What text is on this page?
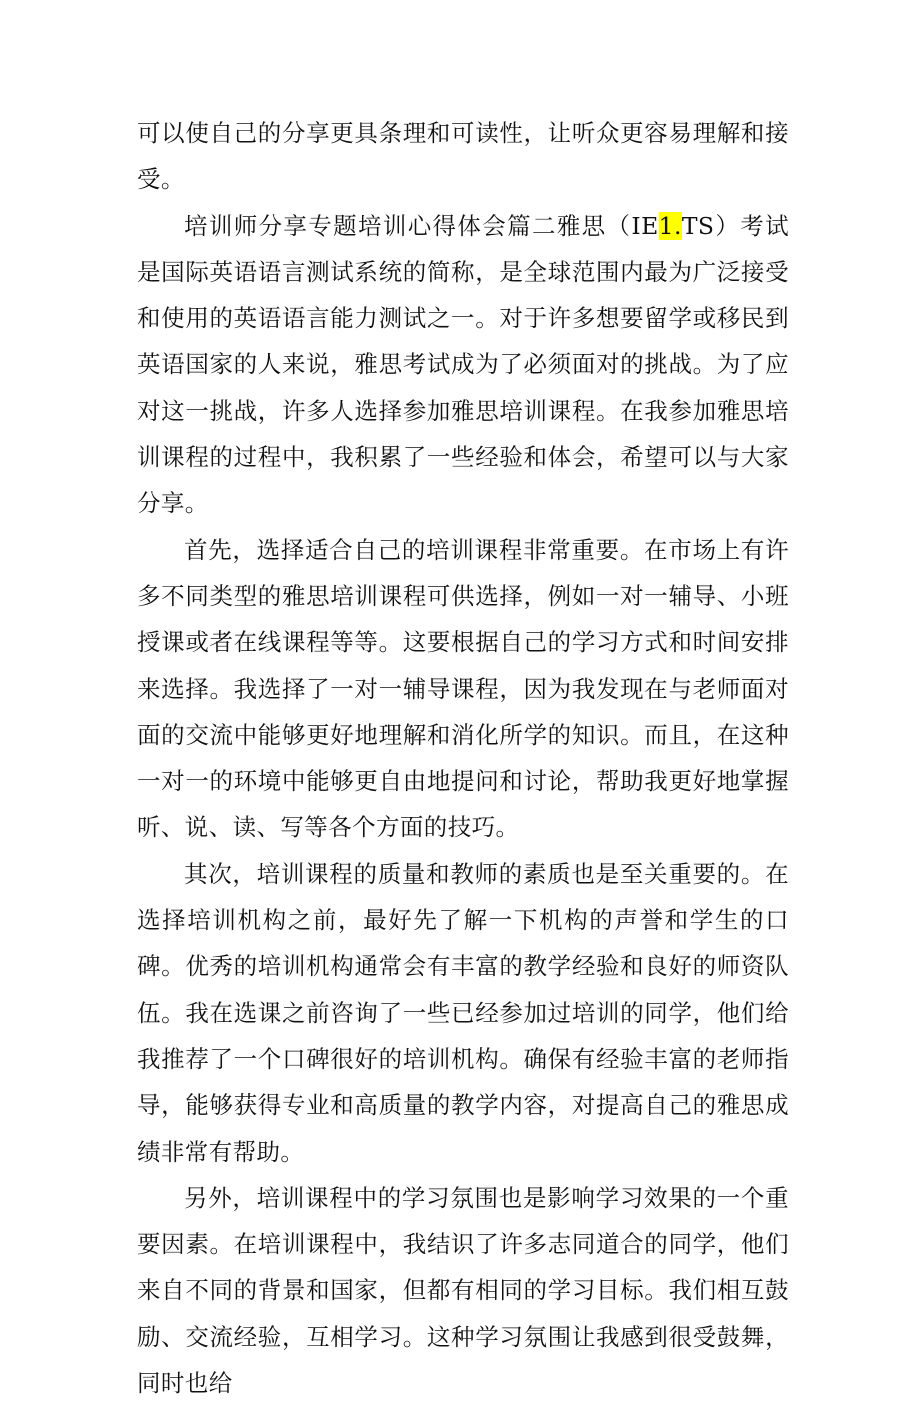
可以使自己的分享更具条理和可读性，让听众更容易理解和接受。

培训师分享专题培训心得体会篇二雅思（IE1.TS）考试是国际英语语言测试系统的简称，是全球范围内最为广泛接受和使用的英语语言能力测试之一。对于许多想要留学或移民到英语国家的人来说，雅思考试成为了必须面对的挑战。为了应对这一挑战，许多人选择参加雅思培训课程。在我参加雅思培训课程的过程中，我积累了一些经验和体会，希望可以与大家分享。

首先，选择适合自己的培训课程非常重要。在市场上有许多不同类型的雅思培训课程可供选择，例如一对一辅导、小班授课或者在线课程等等。这要根据自己的学习方式和时间安排来选择。我选择了一对一辅导课程，因为我发现在与老师面对面的交流中能够更好地理解和消化所学的知识。而且，在这种一对一的环境中能够更自由地提问和讨论，帮助我更好地掌握听、说、读、写等各个方面的技巧。

其次，培训课程的质量和教师的素质也是至关重要的。在选择培训机构之前，最好先了解一下机构的声誉和学生的口碑。优秀的培训机构通常会有丰富的教学经验和良好的师资队伍。我在选课之前咨询了一些已经参加过培训的同学，他们给我推荐了一个口碑很好的培训机构。确保有经验丰富的老师指导，能够获得专业和高质量的教学内容，对提高自己的雅思成绩非常有帮助。

另外，培训课程中的学习氛围也是影响学习效果的一个重要因素。在培训课程中，我结识了许多志同道合的同学，他们来自不同的背景和国家，但都有相同的学习目标。我们相互鼓励、交流经验，互相学习。这种学习氛围让我感到很受鼓舞，同时也给
